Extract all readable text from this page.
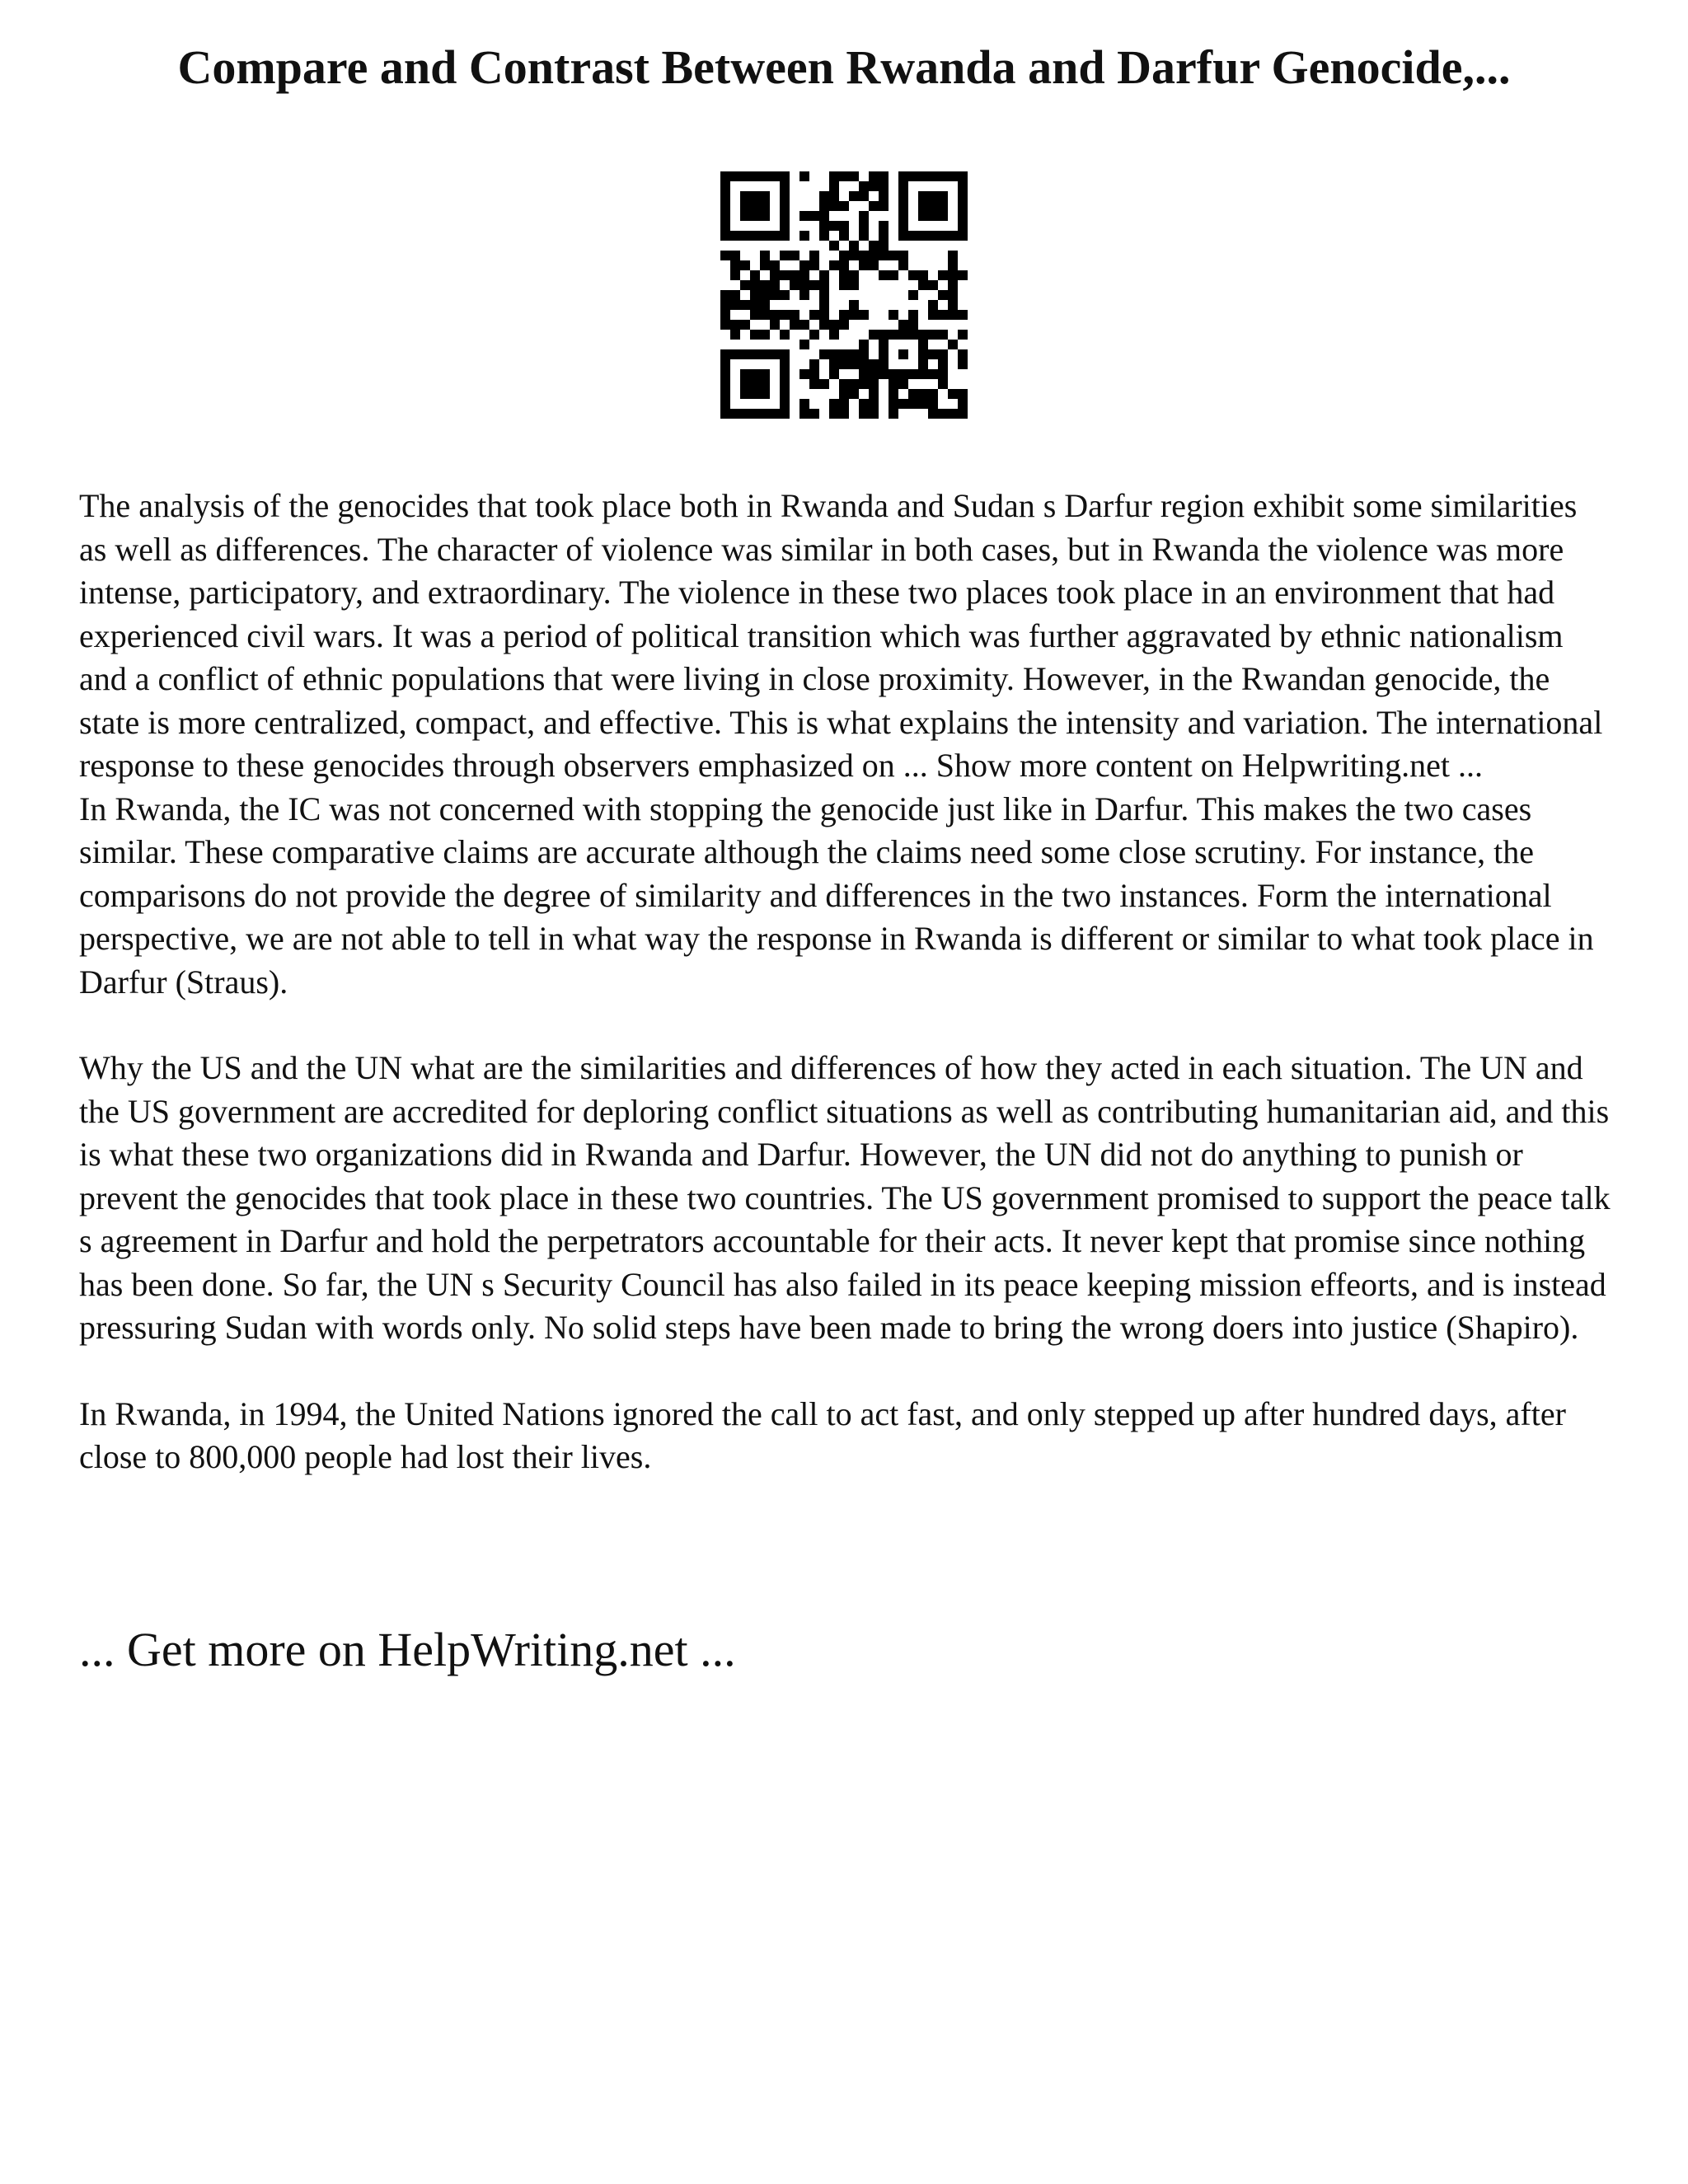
Compare and Contrast Between Rwanda and Darfur Genocide,...

The analysis of the genocides that took place both in Rwanda and Sudan s Darfur region exhibit some similarities as well as differences. The character of violence was similar in both cases, but in Rwanda the violence was more intense, participatory, and extraordinary. The violence in these two places took place in an environment that had experienced civil wars. It was a period of political transition which was further aggravated by ethnic nationalism and a conflict of ethnic populations that were living in close proximity. However, in the Rwandan genocide, the state is more centralized, compact, and effective. This is what explains the intensity and variation. The international response to these genocides through observers emphasized on ... Show more content on Helpwriting.net ...

In Rwanda, the IC was not concerned with stopping the genocide just like in Darfur. This makes the two cases similar. These comparative claims are accurate although the claims need some close scrutiny. For instance, the comparisons do not provide the degree of similarity and differences in the two instances. Form the international perspective, we are not able to tell in what way the response in Rwanda is different or similar to what took place in Darfur (Straus).

Why the US and the UN what are the similarities and differences of how they acted in each situation. The UN and the US government are accredited for deploring conflict situations as well as contributing humanitarian aid, and this is what these two organizations did in Rwanda and Darfur. However, the UN did not do anything to punish or prevent the genocides that took place in these two countries. The US government promised to support the peace talk s agreement in Darfur and hold the perpetrators accountable for their acts. It never kept that promise since nothing has been done. So far, the UN s Security Council has also failed in its peace keeping mission effeorts, and is instead pressuring Sudan with words only. No solid steps have been made to bring the wrong doers into justice (Shapiro).

In Rwanda, in 1994, the United Nations ignored the call to act fast, and only stepped up after hundred days, after close to 800,000 people had lost their lives.

... Get more on HelpWriting.net ...
